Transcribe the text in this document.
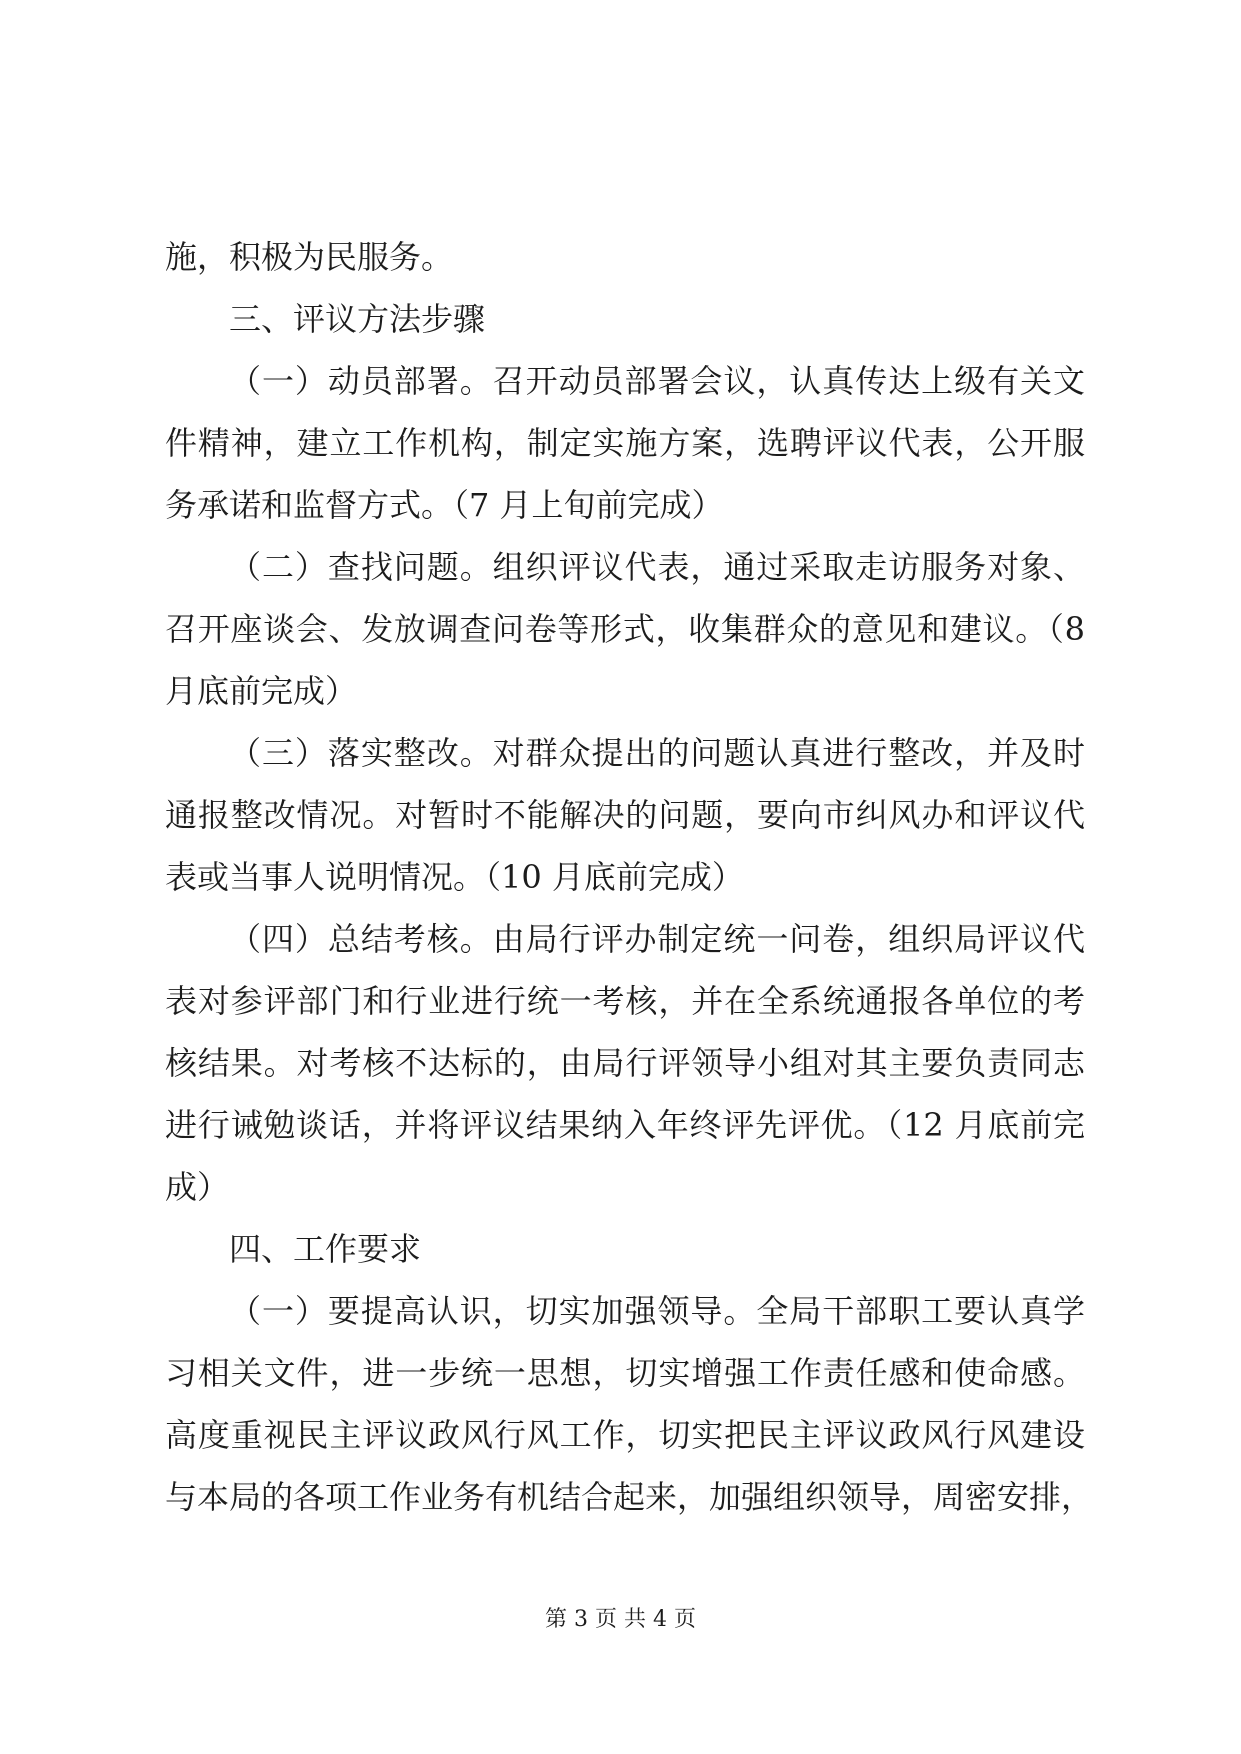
施，积极为民服务。
三、评议方法步骤
（一）动员部署。召开动员部署会议，认真传达上级有关文
件精神，建立工作机构，制定实施方案，选聘评议代表，公开服
务承诺和监督方式。（7 月上旬前完成）
（二）查找问题。组织评议代表，通过采取走访服务对象、
召开座谈会、发放调查问卷等形式，收集群众的意见和建议。（8
月底前完成）
（三）落实整改。对群众提出的问题认真进行整改，并及时
通报整改情况。对暂时不能解决的问题，要向市纠风办和评议代
表或当事人说明情况。（10 月底前完成）
（四）总结考核。由局行评办制定统一问卷，组织局评议代
表对参评部门和行业进行统一考核，并在全系统通报各单位的考
核结果。对考核不达标的，由局行评领导小组对其主要负责同志
进行诫勉谈话，并将评议结果纳入年终评先评优。（12 月底前完
成）
四、工作要求
（一）要提高认识，切实加强领导。全局干部职工要认真学
习相关文件，进一步统一思想，切实增强工作责任感和使命感。
高度重视民主评议政风行风工作，切实把民主评议政风行风建设
与本局的各项工作业务有机结合起来，加强组织领导，周密安排，
第 3 页 共 4 页
